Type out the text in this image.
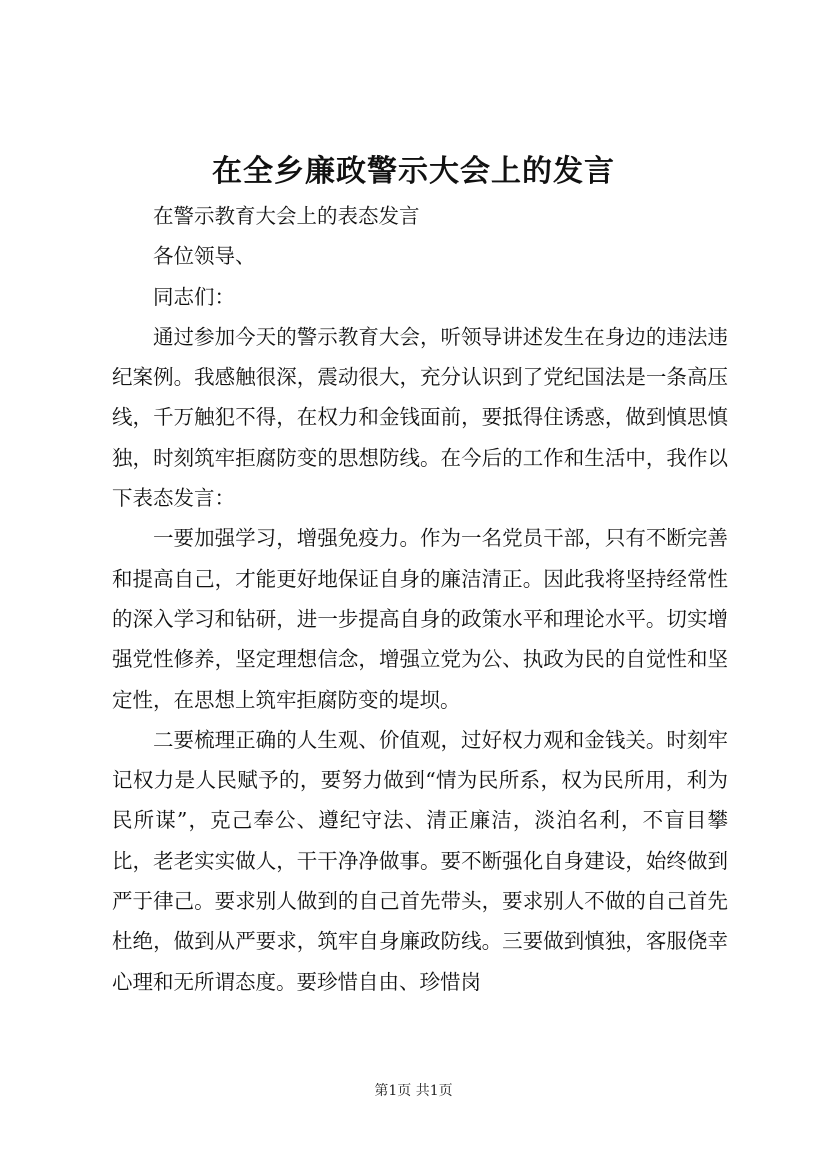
在全乡廉政警示大会上的发言

在警示教育大会上的表态发言

各位领导、

同志们：

通过参加今天的警示教育大会，听领导讲述发生在身边的违法违纪案例。我感触很深，震动很大，充分认识到了党纪国法是一条高压线，千万触犯不得，在权力和金钱面前，要抵得住诱惑，做到慎思慎独，时刻筑牢拒腐防变的思想防线。在今后的工作和生活中，我作以下表态发言：

一要加强学习，增强免疫力。作为一名党员干部，只有不断完善和提高自己，才能更好地保证自身的廉洁清正。因此我将坚持经常性的深入学习和钻研，进一步提高自身的政策水平和理论水平。切实增强党性修养，坚定理想信念，增强立党为公、执政为民的自觉性和坚定性，在思想上筑牢拒腐防变的堤坝。

二要梳理正确的人生观、价值观，过好权力观和金钱关。时刻牢记权力是人民赋予的，要努力做到“情为民所系，权为民所用，利为民所谋”，克己奉公、遵纪守法、清正廉洁，淡泊名利，不盲目攀比，老老实实做人，干干净净做事。要不断强化自身建设，始终做到严于律己。要求别人做到的自己首先带头，要求别人不做的自己首先杜绝，做到从严要求，筑牢自身廉政防线。三要做到慎独，客服侥幸心理和无所谓态度。要珍惜自由、珍惜岗

第1页 共1页
